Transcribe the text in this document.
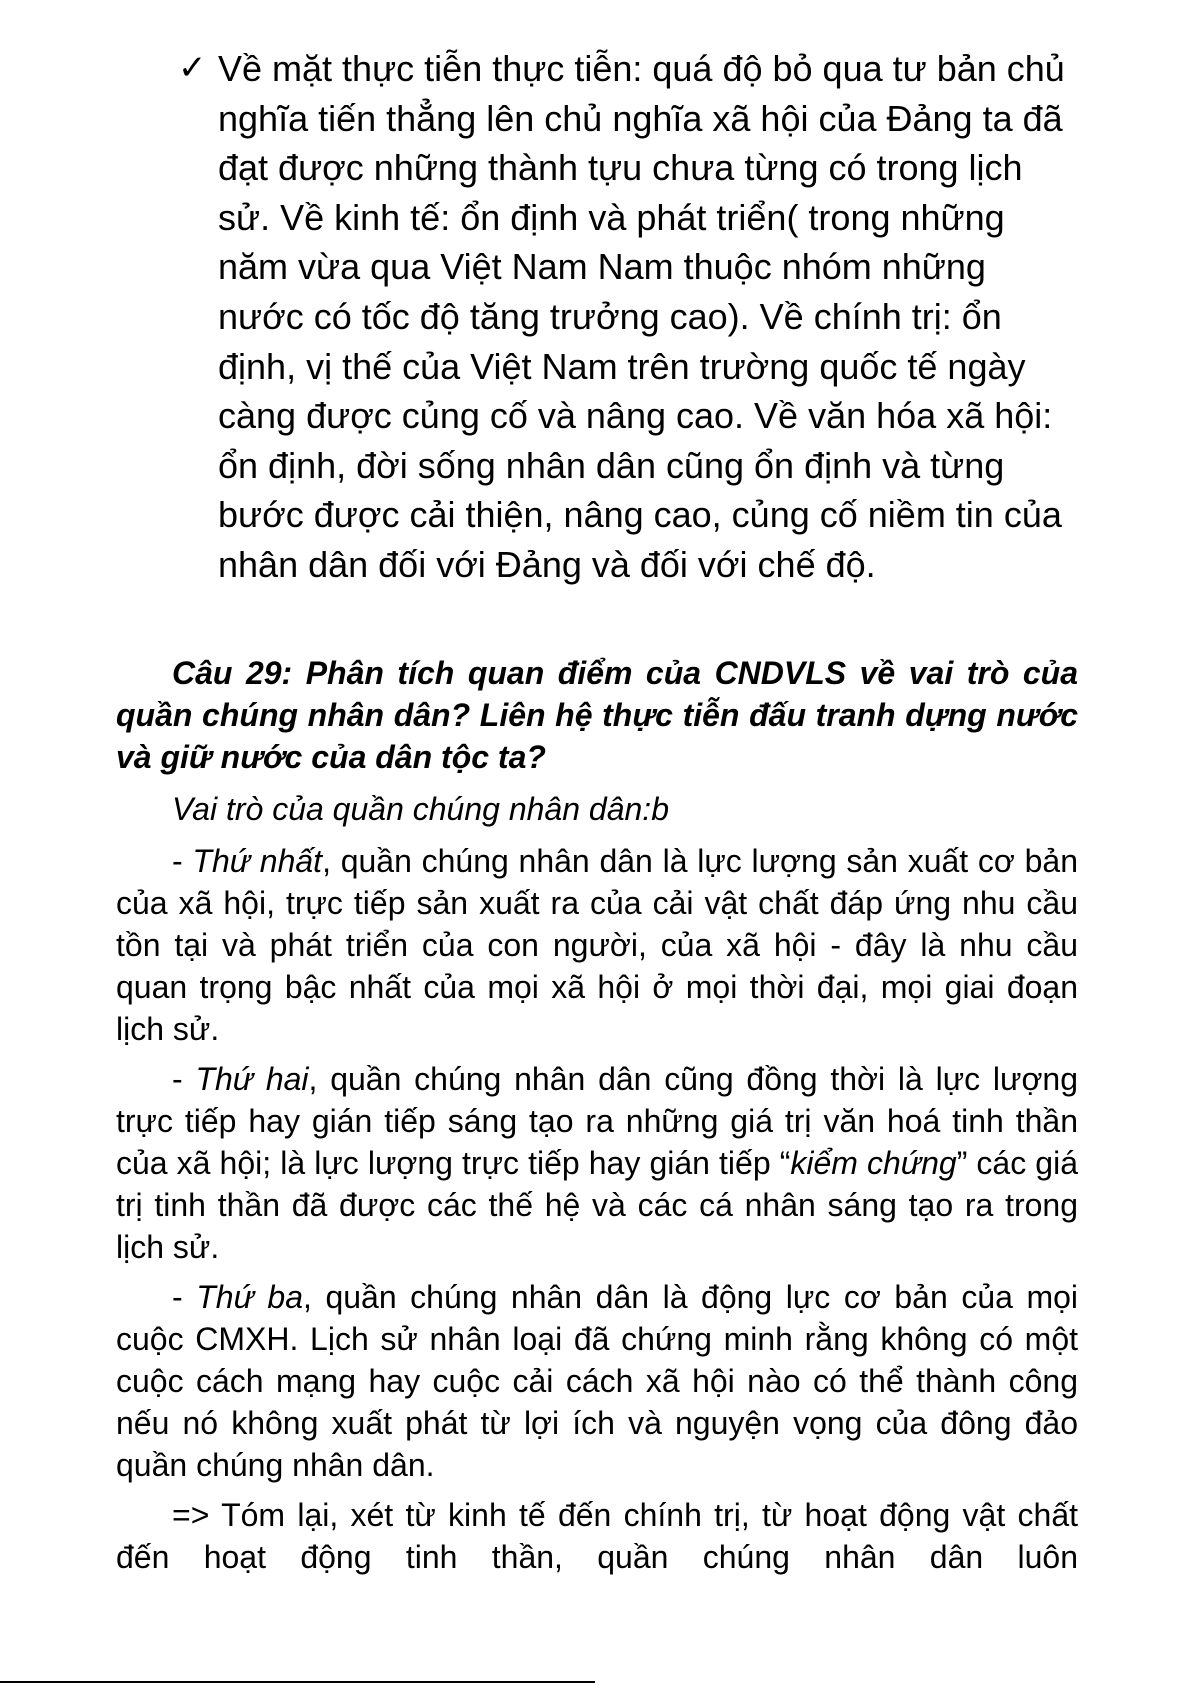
✓ Về mặt thực tiễn thực tiễn: quá độ bỏ qua tư bản chủ nghĩa tiến thẳng lên chủ nghĩa xã hội của Đảng ta đã đạt được những thành tựu chưa từng có trong lịch sử. Về kinh tế: ổn định và phát triển( trong những năm vừa qua Việt Nam Nam thuộc nhóm những nước có tốc độ tăng trưởng cao). Về chính trị: ổn định, vị thế của Việt Nam trên trường quốc tế ngày càng được củng cố và nâng cao. Về văn hóa xã hội: ổn định, đời sống nhân dân cũng ổn định và từng bước được cải thiện, nâng cao, củng cố niềm tin của nhân dân đối với Đảng và đối với chế độ.

Câu 29: Phân tích quan điểm của CNDVLS về vai trò của quần chúng nhân dân? Liên hệ thực tiễn đấu tranh dựng nước và giữ nước của dân tộc ta?

Vai trò của quần chúng nhân dân:b

- Thứ nhất, quần chúng nhân dân là lực lượng sản xuất cơ bản của xã hội, trực tiếp sản xuất ra của cải vật chất đáp ứng nhu cầu tồn tại và phát triển của con người, của xã hội - đây là nhu cầu quan trọng bậc nhất của mọi xã hội ở mọi thời đại, mọi giai đoạn lịch sử.

- Thứ hai, quần chúng nhân dân cũng đồng thời là lực lượng trực tiếp hay gián tiếp sáng tạo ra những giá trị văn hoá tinh thần của xã hội; là lực lượng trực tiếp hay gián tiếp “kiểm chứng” các giá trị tinh thần đã được các thế hệ và các cá nhân sáng tạo ra trong lịch sử.

- Thứ ba, quần chúng nhân dân là động lực cơ bản của mọi cuộc CMXH. Lịch sử nhân loại đã chứng minh rằng không có một cuộc cách mạng hay cuộc cải cách xã hội nào có thể thành công nếu nó không xuất phát từ lợi ích và nguyện vọng của đông đảo quần chúng nhân dân.

=> Tóm lại, xét từ kinh tế đến chính trị, từ hoạt động vật chất đến hoạt động tinh thần, quần chúng nhân dân luôn
